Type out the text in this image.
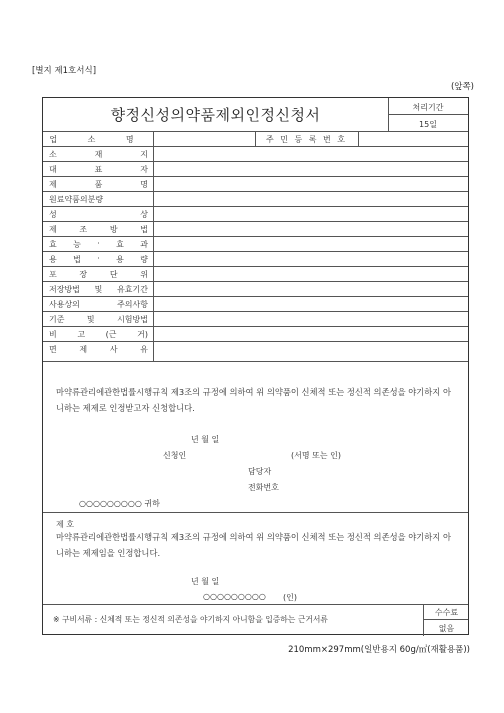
[별지 제1호서식]
(앞쪽)
향정신성의약품제외인정신청서	처리기간
15일
업 소 명	주 민 등 록 번 호
소	재	지
대	표	자
제	품	명
원료약품의분량
성	상
제	조	방	법
효 능 · 효 과
용 법 · 용 량
포	장	단	위
저장방법 및 유효기간
사용상의	주의사항
기준	및	시험방법
비	고	(근	거)
면	제	사	유
마약류관리에관한법률시행규칙 제3조의 규정에 의하여 위 의약품이 신체적 또는 정신적 의존성을 야기하지 아니하는 제제로 인정받고자 신청합니다.
년 월 일
신청인	(서명 또는 인)
담당자
전화번호
○○○○○○○○○ 귀하
제 호
마약류관리에관한법률시행규칙 제3조의 규정에 의하여 위 의약품이 신체적 또는 정신적 의존성을 야기하지 아니하는 제제임을 인정합니다.
년 월 일
○○○○○○○○○ (인)
※ 구비서류 : 신체적 또는 정신적 의존성을 야기하지 아니함을 입증하는 근거서류
수수료
없음
210mm×297mm(일반용지 60g/㎡(재활용품))
